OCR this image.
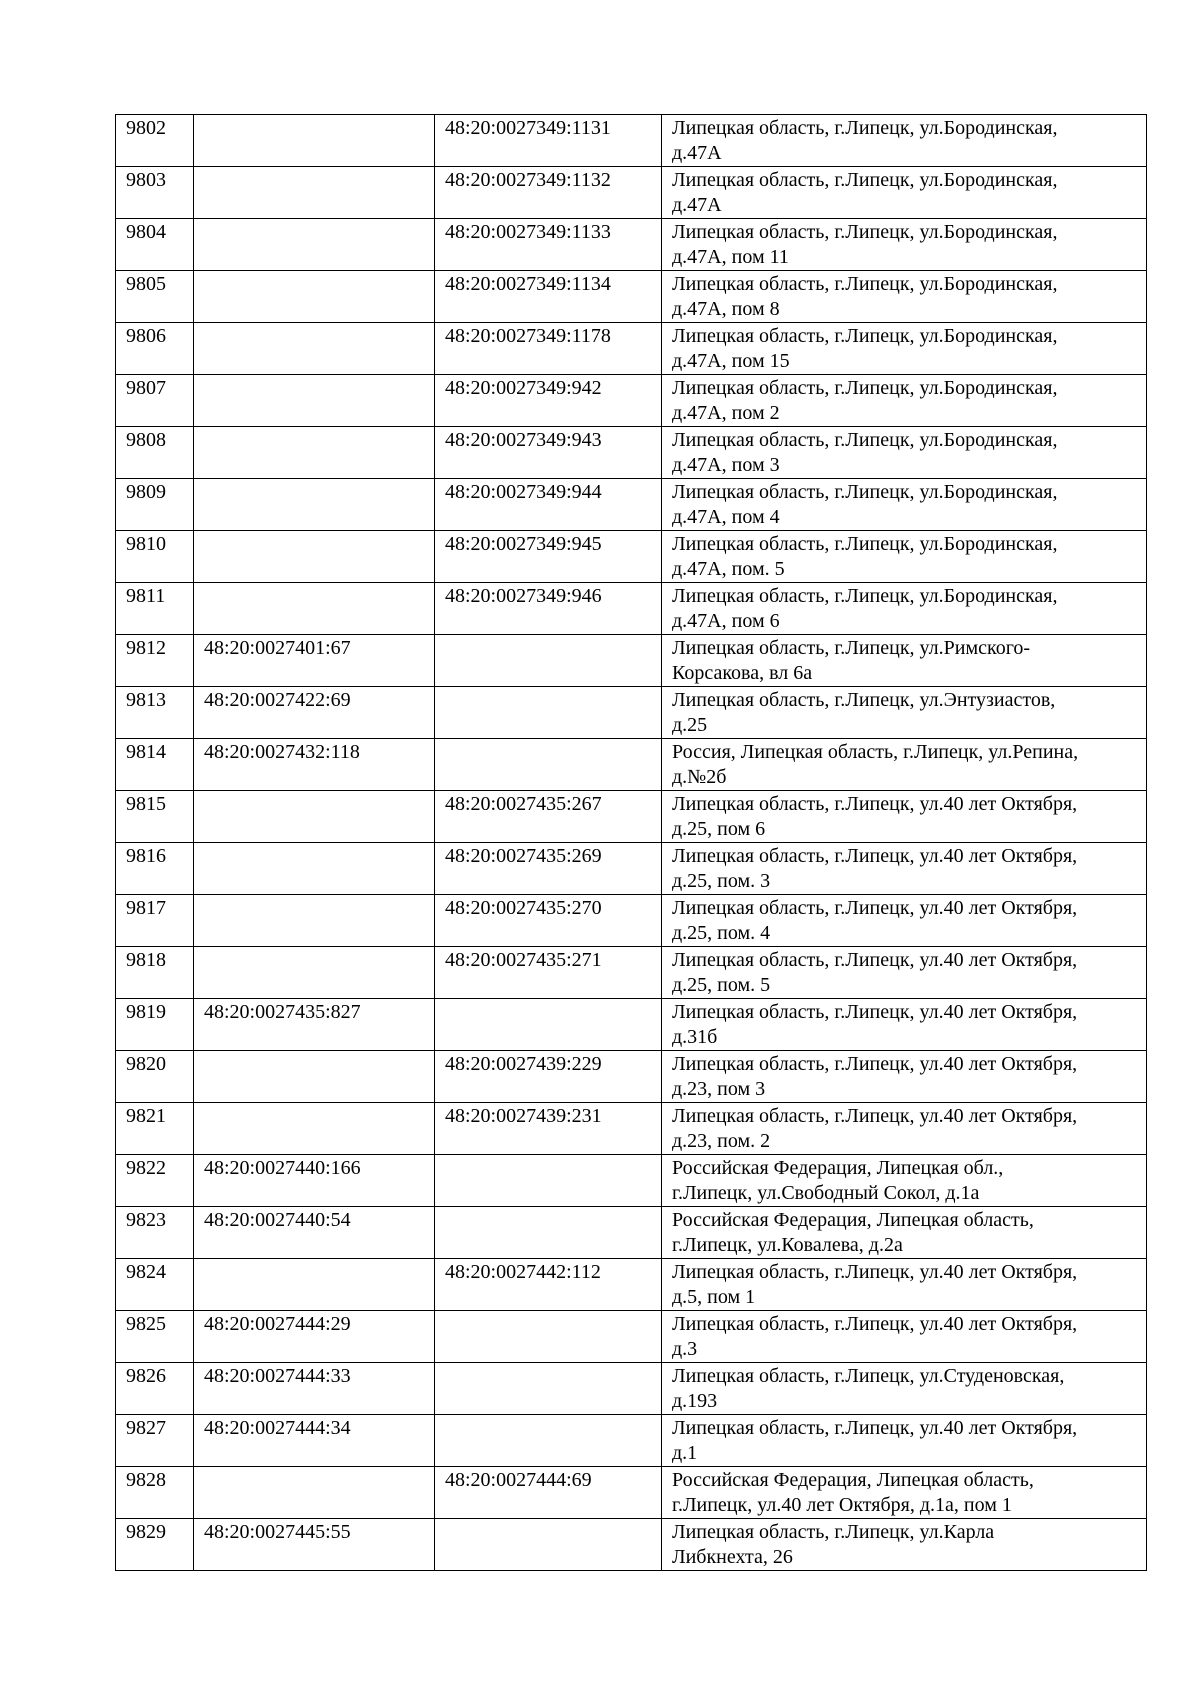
9802		48:20:0027349:1131	Липецкая область, г.Липецк, ул.Бородинская,
д.47А

9803		48:20:0027349:1132	Липецкая область, г.Липецк, ул.Бородинская,
д.47А

9804		48:20:0027349:1133	Липецкая область, г.Липецк, ул.Бородинская,
д.47А, пом 11

9805		48:20:0027349:1134	Липецкая область, г.Липецк, ул.Бородинская,
д.47А, пом 8

9806		48:20:0027349:1178	Липецкая область, г.Липецк, ул.Бородинская,
д.47А, пом 15

9807		48:20:0027349:942	Липецкая область, г.Липецк, ул.Бородинская,
д.47А, пом 2

9808		48:20:0027349:943	Липецкая область, г.Липецк, ул.Бородинская,
д.47А, пом 3

9809		48:20:0027349:944	Липецкая область, г.Липецк, ул.Бородинская,
д.47А, пом 4

9810		48:20:0027349:945	Липецкая область, г.Липецк, ул.Бородинская,
д.47А, пом. 5

9811		48:20:0027349:946	Липецкая область, г.Липецк, ул.Бородинская,
д.47А, пом 6

9812	48:20:0027401:67		Липецкая область, г.Липецк, ул.Римского-
Корсакова, вл 6а

9813	48:20:0027422:69		Липецкая область, г.Липецк, ул.Энтузиастов,
д.25

9814	48:20:0027432:118		Россия, Липецкая область, г.Липецк, ул.Репина,
д.№2б

9815		48:20:0027435:267	Липецкая область, г.Липецк, ул.40 лет Октября,
д.25, пом 6

9816		48:20:0027435:269	Липецкая область, г.Липецк, ул.40 лет Октября,
д.25, пом. 3

9817		48:20:0027435:270	Липецкая область, г.Липецк, ул.40 лет Октября,
д.25, пом. 4

9818		48:20:0027435:271	Липецкая область, г.Липецк, ул.40 лет Октября,
д.25, пом. 5

9819	48:20:0027435:827		Липецкая область, г.Липецк, ул.40 лет Октября,
д.31б

9820		48:20:0027439:229	Липецкая область, г.Липецк, ул.40 лет Октября,
д.23, пом 3

9821		48:20:0027439:231	Липецкая область, г.Липецк, ул.40 лет Октября,
д.23, пом. 2

9822	48:20:0027440:166		Российская Федерация, Липецкая обл.,
г.Липецк, ул.Свободный Сокол, д.1а

9823	48:20:0027440:54		Российская Федерация, Липецкая область,
г.Липецк, ул.Ковалева, д.2а

9824		48:20:0027442:112	Липецкая область, г.Липецк, ул.40 лет Октября,
д.5, пом 1

9825	48:20:0027444:29		Липецкая область, г.Липецк, ул.40 лет Октября,
д.3

9826	48:20:0027444:33		Липецкая область, г.Липецк, ул.Студеновская,
д.193

9827	48:20:0027444:34		Липецкая область, г.Липецк, ул.40 лет Октября,
д.1

9828		48:20:0027444:69	Российская Федерация, Липецкая область,
г.Липецк, ул.40 лет Октября, д.1а, пом 1

9829	48:20:0027445:55		Липецкая область, г.Липецк, ул.Карла
Либкнехта, 26
